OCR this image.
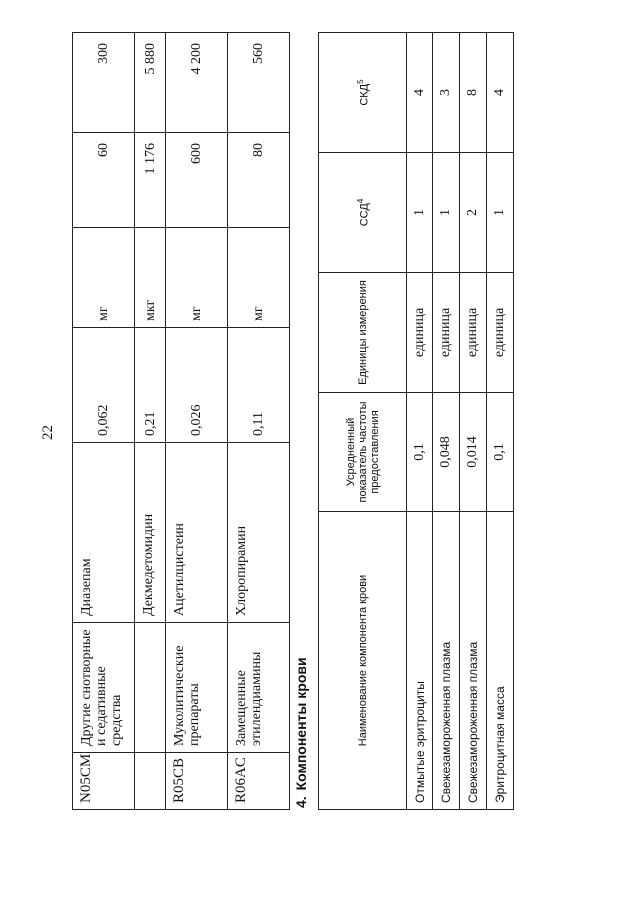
22
N05CM	Другие снотворные и седативные средства	Диазепам	0,062	мг	60	300
		Декмедетомидин	0,21	мкг	1 176	5 880
R05CB	Муколитические препараты	Ацетилцистеин	0,026	мг	600	4 200
R06AC	Замещенные этилендиамины	Хлоропирамин	0,11	мг	80	560
4. Компоненты крови	Наименование компонента крови	Усредненный показатель частоты предоставления	Единицы измерения	ССД$^4$	СКД$^5$
Отмытые эритроциты	0,1	единица	1	4
Свежезамороженная плазма	0,048	единица	1	3
Свежезамороженная плазма	0,014	единица	2	8
Эритроцитная масса	0,1	единица	1	4
